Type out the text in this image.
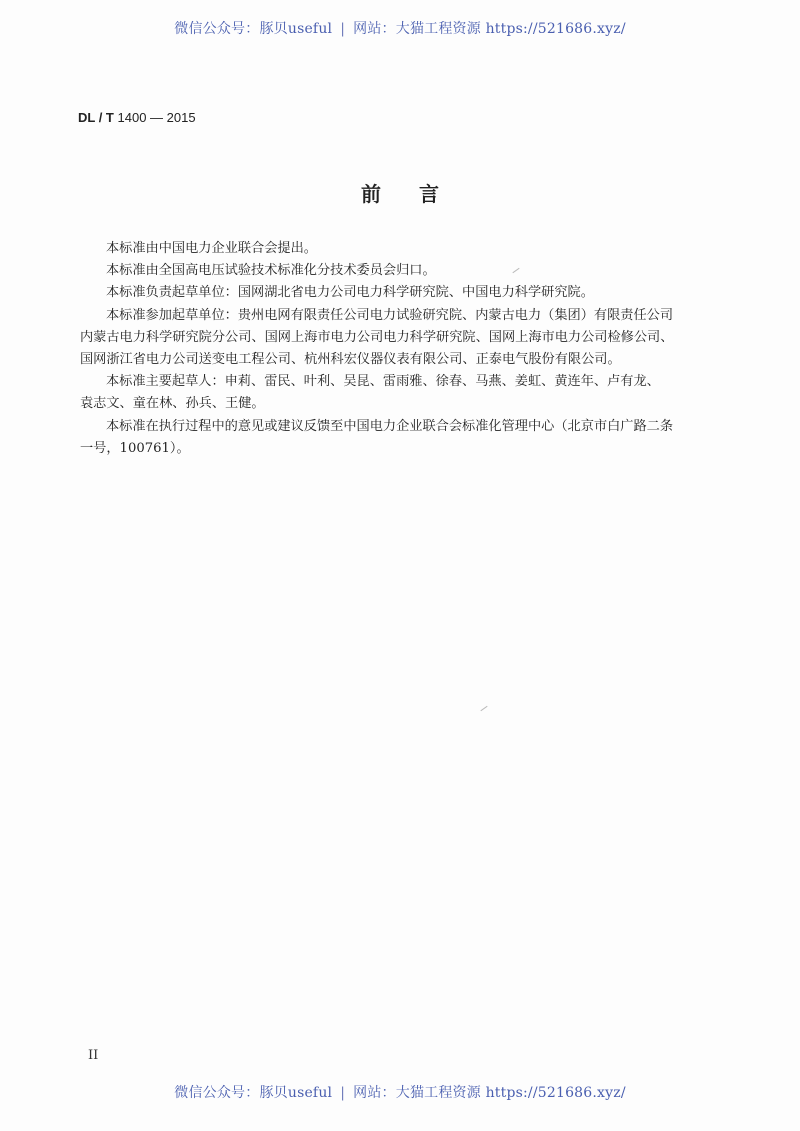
微信公众号：豚贝useful | 网站：大猫工程资源 https://521686.xyz/
DL / T 1400 — 2015
前言

本标准由中国电力企业联合会提出。

本标准由全国高电压试验技术标准化分技术委员会归口。

本标准负责起草单位：国网湖北省电力公司电力科学研究院、中国电力科学研究院。

本标准参加起草单位：贵州电网有限责任公司电力试验研究院、内蒙古电力（集团）有限责任公司

内蒙古电力科学研究院分公司、国网上海市电力公司电力科学研究院、国网上海市电力公司检修公司、

国网浙江省电力公司送变电工程公司、杭州科宏仪器仪表有限公司、正泰电气股份有限公司。

本标准主要起草人：申莉、雷民、叶利、吴昆、雷雨雅、徐春、马燕、姜虹、黄连年、卢有龙、

袁志文、童在林、孙兵、王健。

本标准在执行过程中的意见或建议反馈至中国电力企业联合会标准化管理中心（北京市白广路二条

一号，100761）。

II
微信公众号：豚贝useful | 网站：大猫工程资源 https://521686.xyz/
